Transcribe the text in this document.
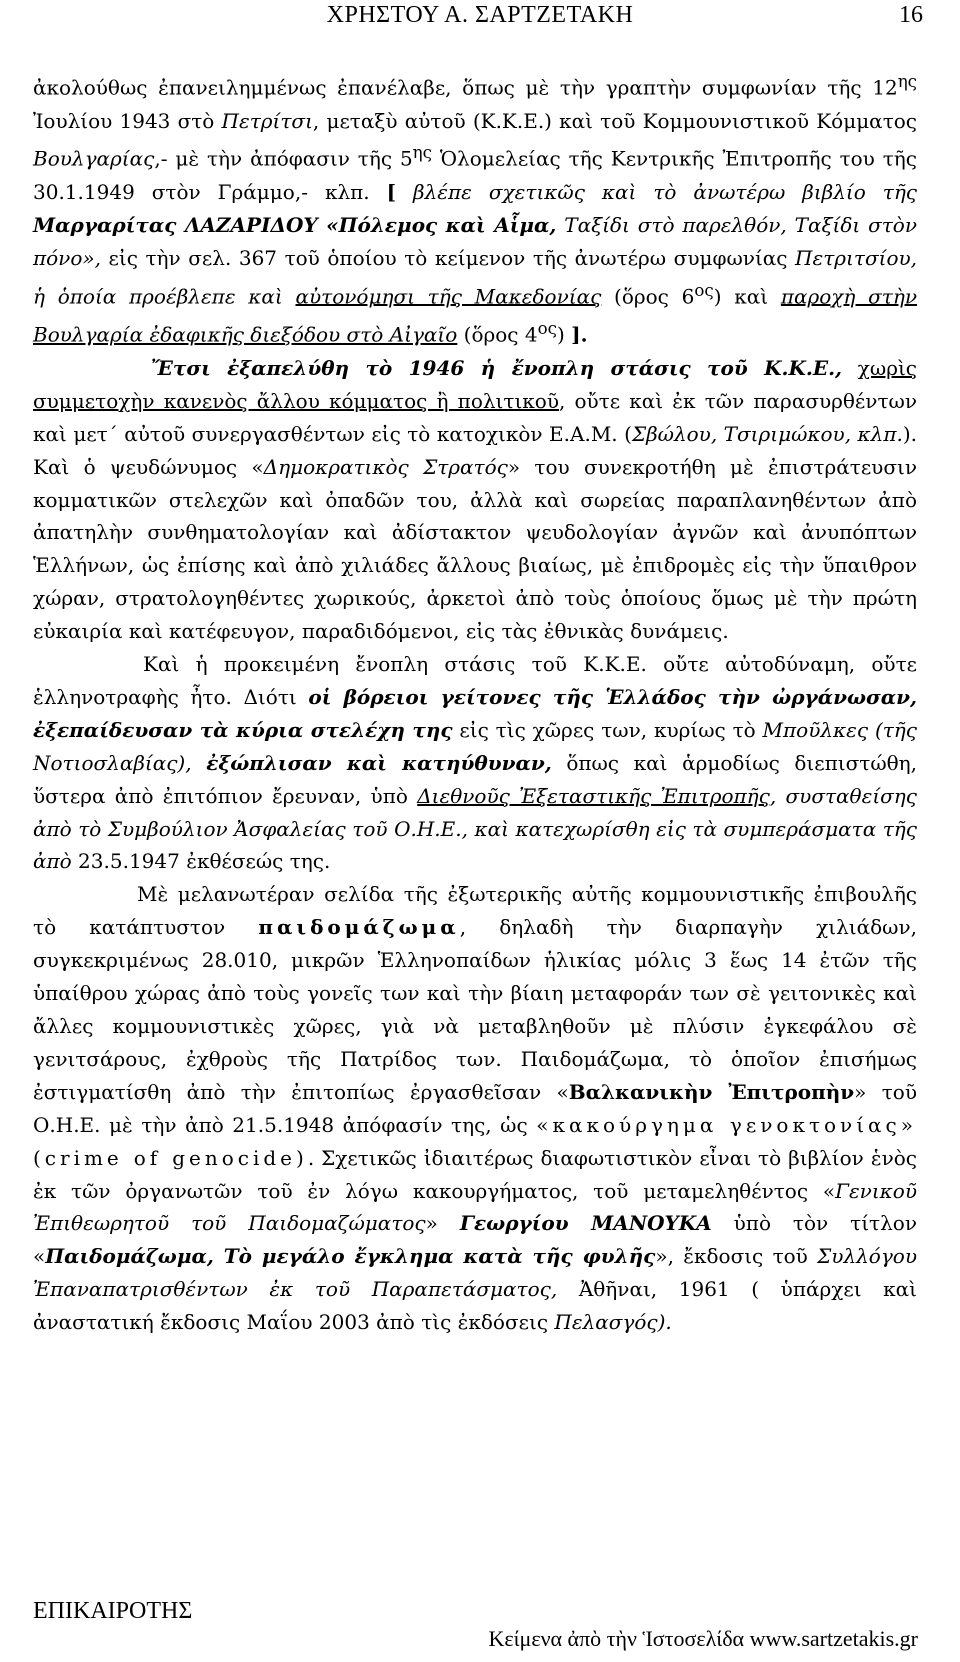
ΧΡΗΣΤΟΥ Α. ΣΑΡΤΖΕΤΑΚΗ	16

ἀκολούθως ἐπανειλημμένως ἐπανέλαβε, ὅπως μὲ τὴν γραπτὴν συμφωνίαν τῆς $12^{\eta\varsigma}$ Ἰουλίου 1943 στὸ Πετρίτσι, μεταξὺ αὐτοῦ (Κ.Κ.Ε.) καὶ τοῦ Κομμουνιστικοῦ Κόμματος Βουλγαρίας,- μὲ τὴν ἀπόφασιν τῆς $5^{\eta\varsigma}$ Ὁλομελείας τῆς Κεντρικῆς Ἐπιτροπῆς του τῆς 30.1.1949 στὸν Γράμμο,- κλπ. [ βλέπε σχετικῶς καὶ τὸ ἀνωτέρω βιβλίο τῆς Μαργαρίτας ΛΑΖΑΡΙΔΟΥ «Πόλεμος καὶ Αἷμα, Ταξίδι στὸ παρελθόν, Ταξίδι στὸν πόνο», εἰς τὴν σελ. 367 τοῦ ὁποίου τὸ κείμενον τῆς ἀνωτέρω συμφωνίας Πετριτσίου, ἡ ὁποία προέβλεπε καὶ αὐτονόμησι τῆς Μακεδονίας (ὅρος $6^{o\varsigma}$) καὶ παροχὴ στὴν Βουλγαρία ἐδαφικῆς διεξόδου στὸ Αἰγαῖο (ὅρος $4^{o\varsigma}$) ].

Ἔτσι ἐξαπελύθη τὸ 1946 ἡ ἔνοπλη στάσις τοῦ Κ.Κ.Ε., χωρὶς συμμετοχὴν κανενὸς ἄλλου κόμματος ἢ πολιτικοῦ, οὔτε καὶ ἐκ τῶν παρασυρθέντων καὶ μετ΄ αὐτοῦ συνεργασθέντων εἰς τὸ κατοχικὸν Ε.Α.Μ. (Σβώλου, Τσιριμώκου, κλπ.). Καὶ ὁ ψευδώνυμος «Δημοκρατικὸς Στρατός» του συνεκροτήθη μὲ ἐπιστράτευσιν κομματικῶν στελεχῶν καὶ ὀπαδῶν του, ἀλλὰ καὶ σωρείας παραπλανηθέντων ἀπὸ ἀπατηλὴν συνθηματολογίαν καὶ ἀδίστακτον ψευδολογίαν ἀγνῶν καὶ ἀνυπόπτων Ἑλλήνων, ὡς ἐπίσης καὶ ἀπὸ χιλιάδες ἄλλους βιαίως, μὲ ἐπιδρομὲς εἰς τὴν ὕπαιθρον χώραν, στρατολογηθέντες χωρικούς, ἀρκετοὶ ἀπὸ τοὺς ὁποίους ὅμως μὲ τὴν πρώτη εὐκαιρία καὶ κατέφευγον, παραδιδόμενοι, εἰς τὰς ἐθνικὰς δυνάμεις.

Καὶ ἡ προκειμένη ἔνοπλη στάσις τοῦ Κ.Κ.Ε. οὔτε αὐτοδύναμη, οὔτε ἑλληνοτραφὴς ἦτο. Διότι οἱ βόρειοι γείτονες τῆς Ἑλλάδος τὴν ὠργάνωσαν, ἐξεπαίδευσαν τὰ κύρια στελέχη της εἰς τὶς χῶρες των, κυρίως τὸ Μποῦλκες (τῆς Νοτιοσλαβίας), ἐξώπλισαν καὶ κατηύθυναν, ὅπως καὶ ἁρμοδίως διεπιστώθη, ὕστερα ἀπὸ ἐπιτόπιον ἔρευναν, ὑπὸ Διεθνοῦς Ἐξεταστικῆς Ἐπιτροπῆς, συσταθείσης ἀπὸ τὸ Συμβούλιον Ἀσφαλείας τοῦ Ο.Η.Ε., καὶ κατεχωρίσθη εἰς τὰ συμπεράσματα τῆς ἀπὸ 23.5.1947 ἐκθέσεώς της.

Μὲ μελανωτέραν σελίδα τῆς ἐξωτερικῆς αὐτῆς κομμουνιστικῆς ἐπιβουλῆς τὸ κατάπτυστον παιδομάζωμα, δηλαδὴ τὴν διαρπαγὴν χιλιάδων, συγκεκριμένως 28.010, μικρῶν Ἑλληνοπαίδων ἡλικίας μόλις 3 ἕως 14 ἐτῶν τῆς ὑπαίθρου χώρας ἀπὸ τοὺς γονεῖς των καὶ τὴν βίαιη μεταφοράν των σὲ γειτονικὲς καὶ ἄλλες κομμουνιστικὲς χῶρες, γιὰ νὰ μεταβληθοῦν μὲ πλύσιν ἐγκεφάλου σὲ γενιτσάρους, ἐχθροὺς τῆς Πατρίδος των. Παιδομάζωμα, τὸ ὁποῖον ἐπισήμως ἐστιγματίσθη ἀπὸ τὴν ἐπιτοπίως ἐργασθεῖσαν «Βαλκανικὴν Ἐπιτροπὴν» τοῦ Ο.Η.Ε. μὲ τὴν ἀπὸ 21.5.1948 ἀπόφασίν της, ὡς «κακούργημα γενοκτονίας» (crime of genocide). Σχετικῶς ἰδιαιτέρως διαφωτιστικὸν εἶναι τὸ βιβλίον ἑνὸς ἐκ τῶν ὀργανωτῶν τοῦ ἐν λόγω κακουργήματος, τοῦ μεταμεληθέντος «Γενικοῦ Ἐπιθεωρητοῦ τοῦ Παιδομαζώματος» Γεωργίου ΜΑΝΟΥΚΑ ὑπὸ τὸν τίτλον «Παιδομάζωμα, Τὸ μεγάλο ἔγκλημα κατὰ τῆς φυλῆς», ἔκδοσις τοῦ Συλλόγου Ἐπαναπατρισθέντων ἐκ τοῦ Παραπετάσματος, Ἀθῆναι, 1961 ( ὑπάρχει καὶ ἀναστατική ἔκδοσις Μαΐου 2003 ἀπὸ τὶς ἐκδόσεις Πελασγός).

ΕΠΙΚΑΙΡΟΤΗΣ
Κείμενα ἀπὸ τὴν Ἱστοσελίδα www.sartzetakis.gr
